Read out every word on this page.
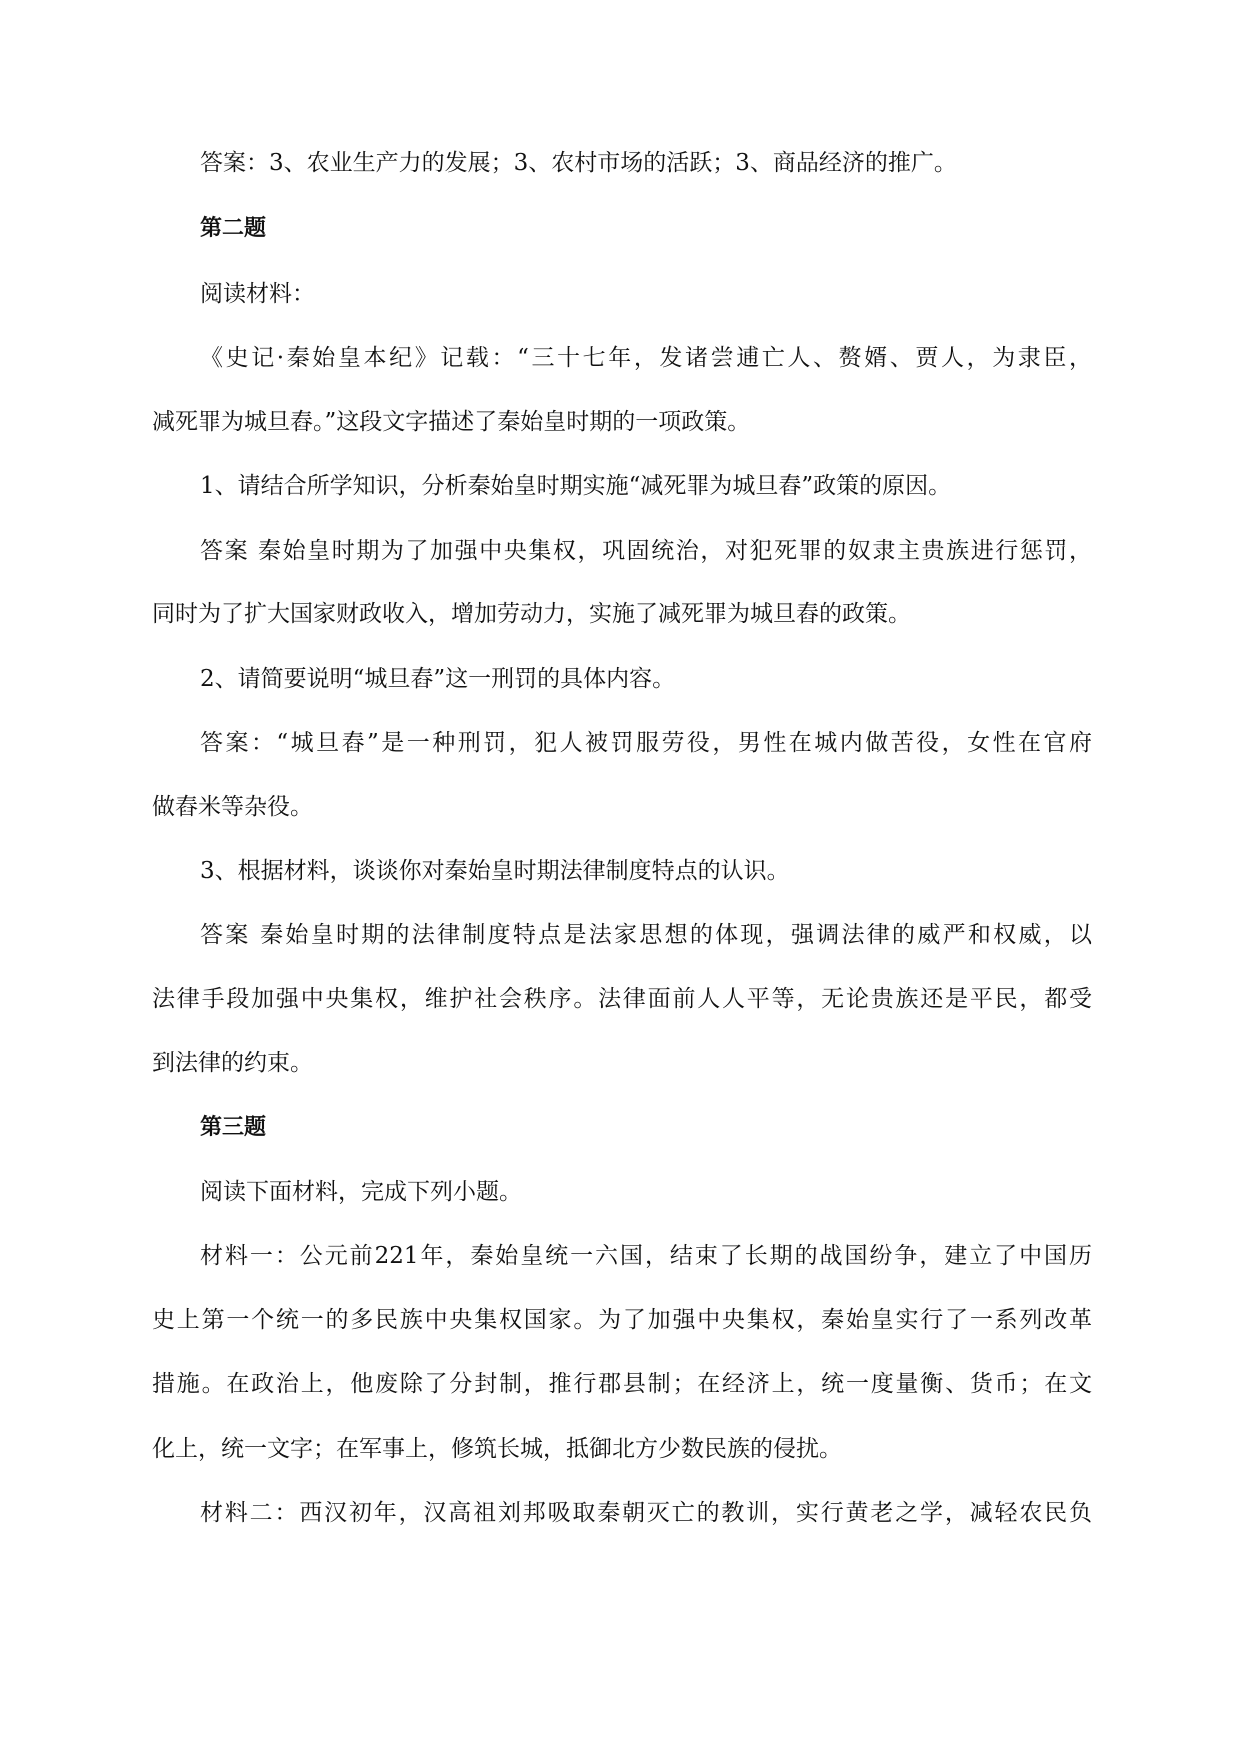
答案：3、农业生产力的发展；3、农村市场的活跃；3、商品经济的推广。
第二题
阅读材料：
《史记·秦始皇本纪》记载：“三十七年，发诸尝逋亡人、赘婿、贾人，为隶臣，
减死罪为城旦舂。”这段文字描述了秦始皇时期的一项政策。
1、请结合所学知识，分析秦始皇时期实施“减死罪为城旦舂”政策的原因。
答案 秦始皇时期为了加强中央集权，巩固统治，对犯死罪的奴隶主贵族进行惩罚，
同时为了扩大国家财政收入，增加劳动力，实施了减死罪为城旦舂的政策。
2、请简要说明“城旦舂”这一刑罚的具体内容。
答案：“城旦舂”是一种刑罚，犯人被罚服劳役，男性在城内做苦役，女性在官府
做舂米等杂役。
3、根据材料，谈谈你对秦始皇时期法律制度特点的认识。
答案 秦始皇时期的法律制度特点是法家思想的体现，强调法律的威严和权威，以
法律手段加强中央集权，维护社会秩序。法律面前人人平等，无论贵族还是平民，都受
到法律的约束。
第三题
阅读下面材料，完成下列小题。
材料一：公元前221年，秦始皇统一六国，结束了长期的战国纷争，建立了中国历
史上第一个统一的多民族中央集权国家。为了加强中央集权，秦始皇实行了一系列改革
措施。在政治上，他废除了分封制，推行郡县制；在经济上，统一度量衡、货币；在文
化上，统一文字；在军事上，修筑长城，抵御北方少数民族的侵扰。
材料二：西汉初年，汉高祖刘邦吸取秦朝灭亡的教训，实行黄老之学，减轻农民负
